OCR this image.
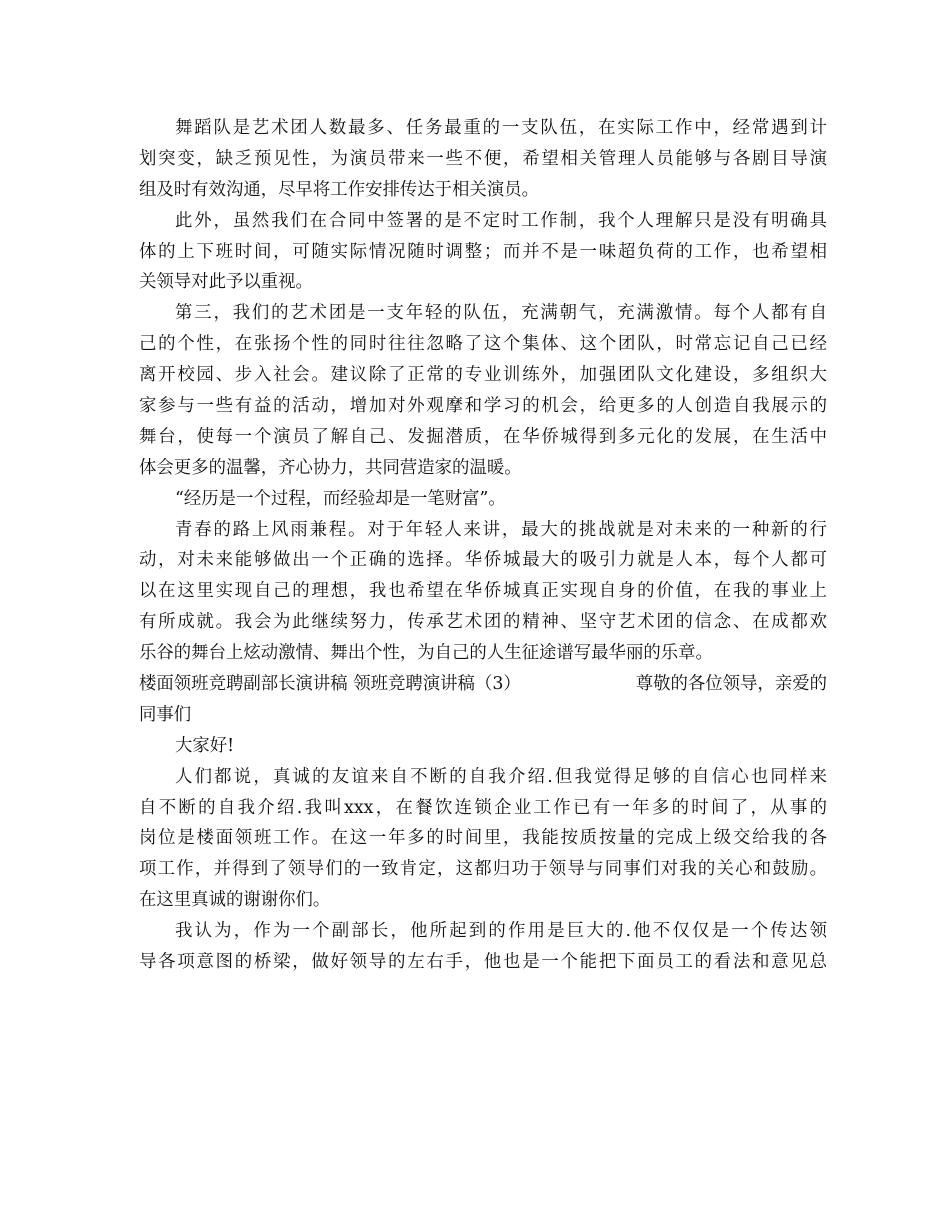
舞蹈队是艺术团人数最多、任务最重的一支队伍，在实际工作中，经常遇到计
划突变，缺乏预见性，为演员带来一些不便，希望相关管理人员能够与各剧目导演
组及时有效沟通，尽早将工作安排传达于相关演员。
此外，虽然我们在合同中签署的是不定时工作制，我个人理解只是没有明确具
体的上下班时间，可随实际情况随时调整；而并不是一味超负荷的工作，也希望相
关领导对此予以重视。
第三，我们的艺术团是一支年轻的队伍，充满朝气，充满激情。每个人都有自
己的个性，在张扬个性的同时往往忽略了这个集体、这个团队，时常忘记自己已经
离开校园、步入社会。建议除了正常的专业训练外，加强团队文化建设，多组织大
家参与一些有益的活动，增加对外观摩和学习的机会，给更多的人创造自我展示的
舞台，使每一个演员了解自己、发掘潜质，在华侨城得到多元化的发展，在生活中
体会更多的温馨，齐心协力，共同营造家的温暖。
“经历是一个过程，而经验却是一笔财富”。
青春的路上风雨兼程。对于年轻人来讲，最大的挑战就是对未来的一种新的行
动，对未来能够做出一个正确的选择。华侨城最大的吸引力就是人本，每个人都可
以在这里实现自己的理想，我也希望在华侨城真正实现自身的价值，在我的事业上
有所成就。我会为此继续努力，传承艺术团的精神、坚守艺术团的信念、在成都欢
乐谷的舞台上炫动激情、舞出个性，为自己的人生征途谱写最华丽的乐章。
楼面领班竞聘副部长演讲稿 领班竞聘演讲稿（3）	尊敬的各位领导，亲爱的
同事们
大家好!
人们都说，真诚的友谊来自不断的自我介绍.但我觉得足够的自信心也同样来
自不断的自我介绍.我叫xxx，在餐饮连锁企业工作已有一年多的时间了，从事的
岗位是楼面领班工作。在这一年多的时间里，我能按质按量的完成上级交给我的各
项工作，并得到了领导们的一致肯定，这都归功于领导与同事们对我的关心和鼓励。
在这里真诚的谢谢你们。
我认为，作为一个副部长，他所起到的作用是巨大的.他不仅仅是一个传达领
导各项意图的桥梁，做好领导的左右手，他也是一个能把下面员工的看法和意见总
